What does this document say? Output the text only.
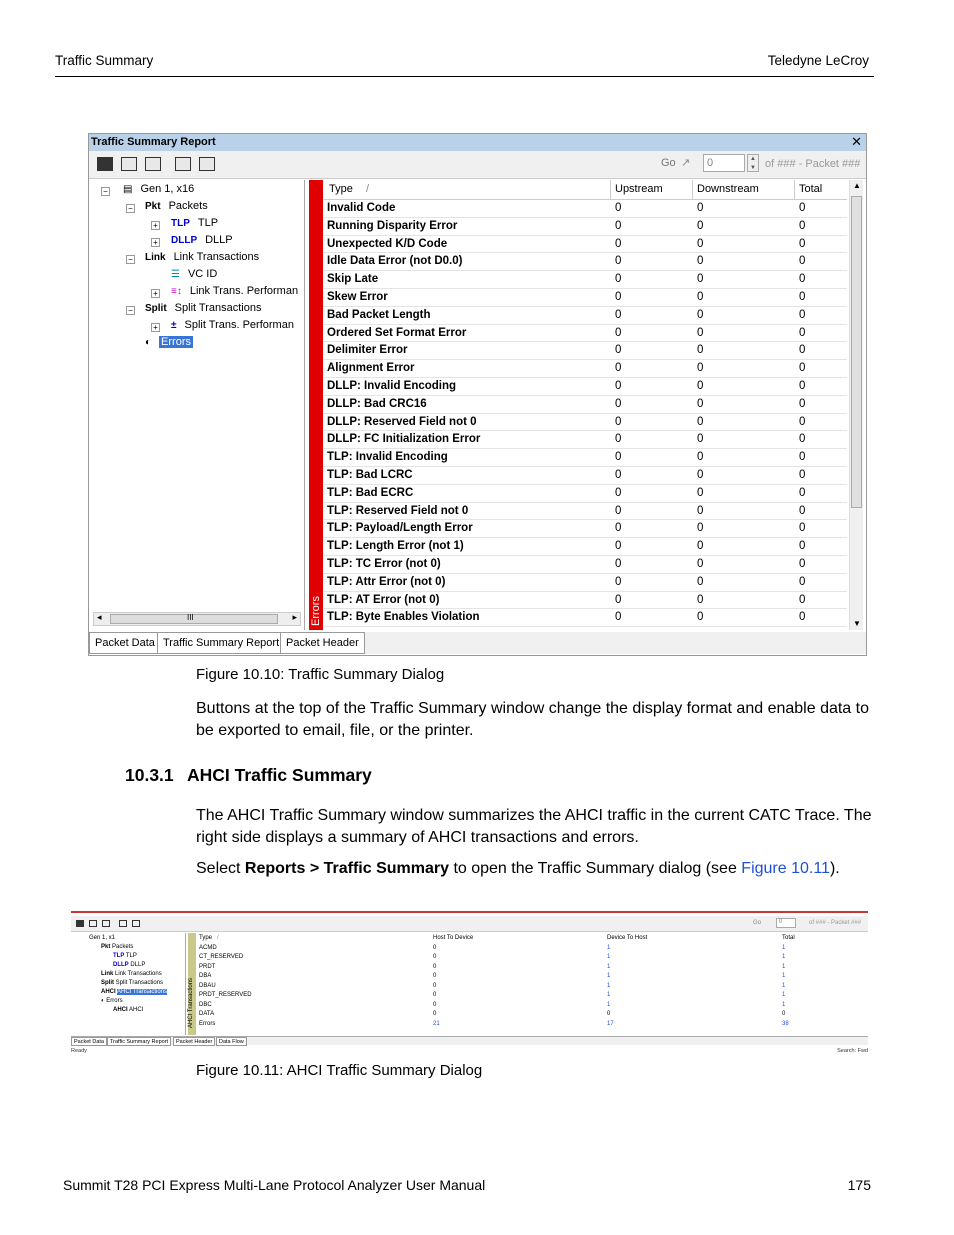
Traffic Summary	Teledyne LeCroy
Traffic Summary Report	✕
Go ↗	0	▲
▼ of ### - Packet ###
− ▤ Gen 1, x16
− Pkt Packets
+ TLP TLP
+ DLLP DLLP
− Link Link Transactions
☰ VC ID
+ ≡↕ Link Trans. Performan
− Split Split Transactions
+ ± Split Trans. Performan
◐ Errors
◂	III	▸ Errors
Type /	Upstream	Downstream	Total
Invalid Code	0	0	0
Running Disparity Error	0	0	0
Unexpected K/D Code	0	0	0
Idle Data Error (not D0.0)	0	0	0
Skip Late	0	0	0
Skew Error	0	0	0
Bad Packet Length	0	0	0
Ordered Set Format Error	0	0	0
Delimiter Error	0	0	0
Alignment Error	0	0	0
DLLP: Invalid Encoding	0	0	0
DLLP: Bad CRC16	0	0	0
DLLP: Reserved Field not 0	0	0	0
DLLP: FC Initialization Error	0	0	0
TLP: Invalid Encoding	0	0	0
TLP: Bad LCRC	0	0	0
TLP: Bad ECRC	0	0	0
TLP: Reserved Field not 0	0	0	0
TLP: Payload/Length Error	0	0	0
TLP: Length Error (not 1)	0	0	0
TLP: TC Error (not 0)	0	0	0
TLP: Attr Error (not 0)	0	0	0
TLP: AT Error (not 0)	0	0	0
TLP: Byte Enables Violation	0	0	0
▲
▼
Packet Data Traffic Summary Report Packet Header
Figure 10.10: Traffic Summary Dialog
Buttons at the top of the Traffic Summary window change the display format and enable data to be exported to email, file, or the printer.
10.3.1 AHCI Traffic Summary
The AHCI Traffic Summary window summarizes the AHCI traffic in the current CATC Trace. The right side displays a summary of AHCI transactions and errors.
Select Reports > Traffic Summary to open the Traffic Summary dialog (see Figure 10.11).
Go	0	of ### - Packet ###
Gen 1, x1
Pkt Packets
TLP TLP
DLLP DLLP
Link Link Transactions
Split Split Transactions
AHCI AHCI Transactions
◐ Errors
AHCI AHCI	AHCI Transactions
Type /	Host To Device	Device To Host	Total
ACMD	0	1	1
CT_RESERVED	0	1	1
PRDT	0	1	1
DBA	0	1	1
DBAU	0	1	1
PRDT_RESERVED	0	1	1
DBC	0	1	1
DATA	0	0	0
Errors	21	17	38
Packet Data	Traffic Summary Report	Packet Header	Data Flow
Ready	Search: Fwd
Figure 10.11: AHCI Traffic Summary Dialog
Summit T28 PCI Express Multi-Lane Protocol Analyzer User Manual	175
